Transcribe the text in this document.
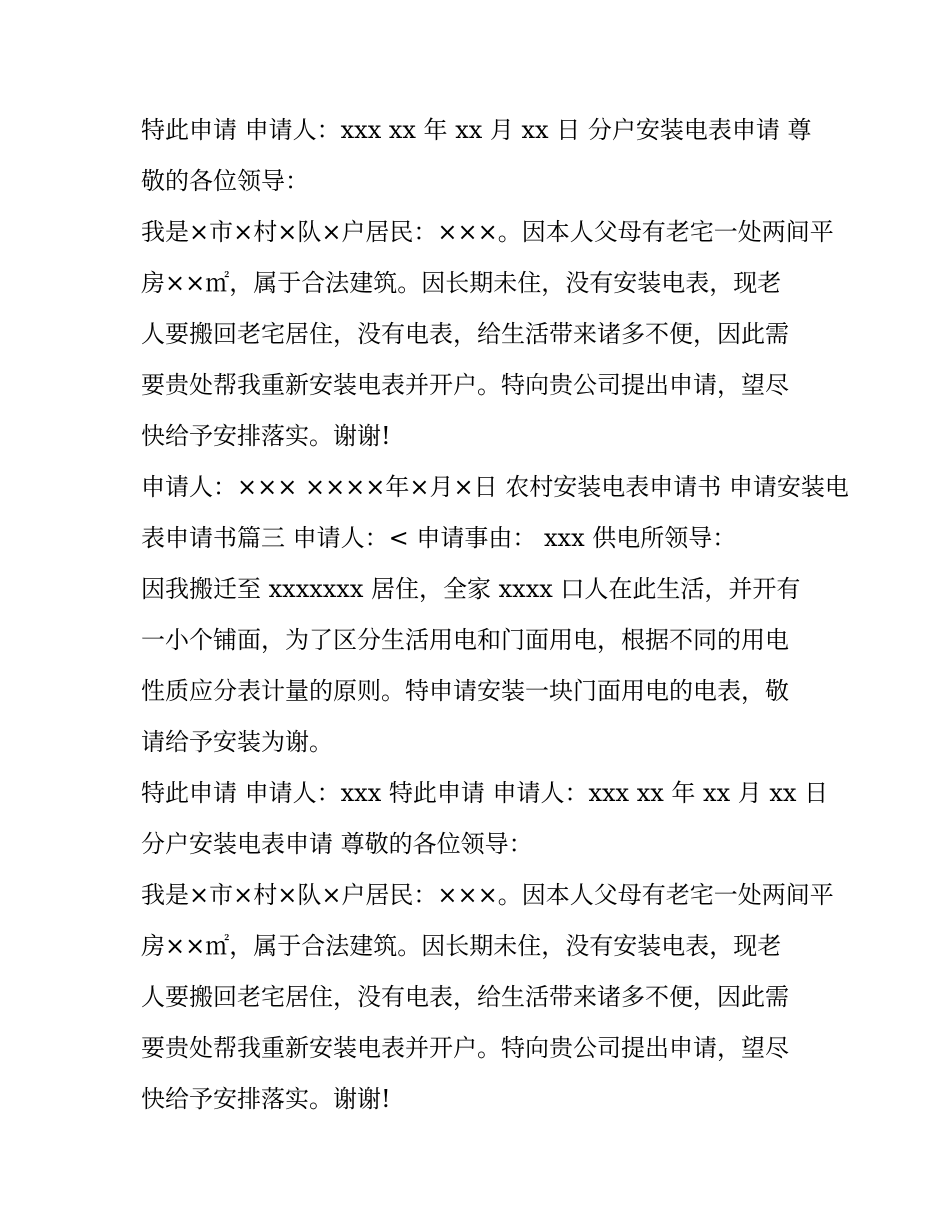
特此申请 申请人：xxx xx 年 xx 月 xx 日 分户安装电表申请 尊
敬的各位领导：
我是×市×村×队×户居民：×××。因本人父母有老宅一处两间平
房××㎡，属于合法建筑。因长期未住，没有安装电表，现老
人要搬回老宅居住，没有电表，给生活带来诸多不便，因此需
要贵处帮我重新安装电表并开户。特向贵公司提出申请，望尽
快给予安排落实。谢谢!
申请人：××× ××××年×月×日 农村安装电表申请书 申请安装电
表申请书篇三 申请人：< 申请事由： xxx 供电所领导：
因我搬迁至 xxxxxxx 居住，全家 xxxx 口人在此生活，并开有
一小个铺面，为了区分生活用电和门面用电，根据不同的用电
性质应分表计量的原则。特申请安装一块门面用电的电表，敬
请给予安装为谢。
特此申请 申请人：xxx 特此申请 申请人：xxx xx 年 xx 月 xx 日
分户安装电表申请 尊敬的各位领导：
我是×市×村×队×户居民：×××。因本人父母有老宅一处两间平
房××㎡，属于合法建筑。因长期未住，没有安装电表，现老
人要搬回老宅居住，没有电表，给生活带来诸多不便，因此需
要贵处帮我重新安装电表并开户。特向贵公司提出申请，望尽
快给予安排落实。谢谢!
